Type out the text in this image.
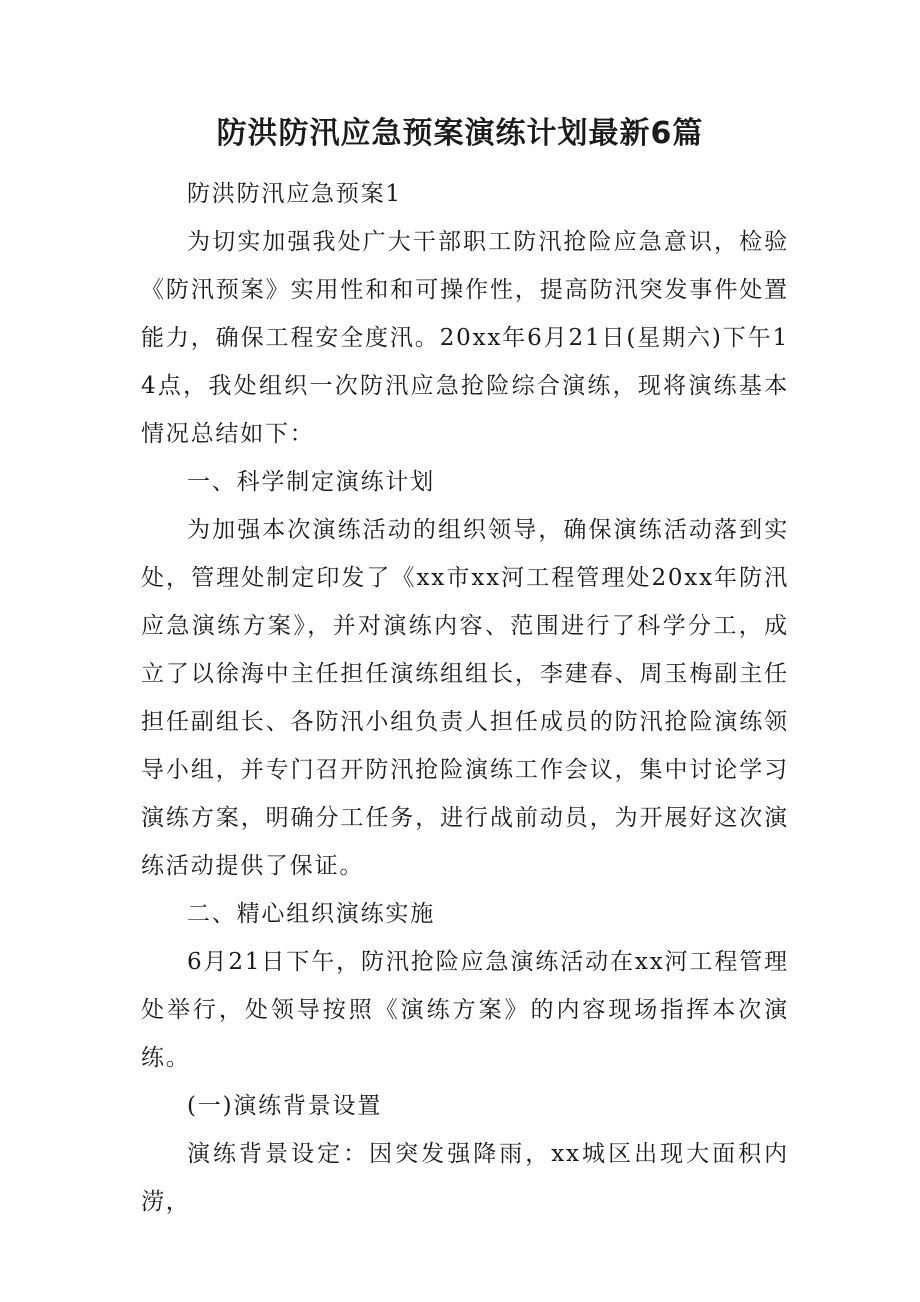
防洪防汛应急预案演练计划最新6篇

防洪防汛应急预案1

为切实加强我处广大干部职工防汛抢险应急意识，检验《防汛预案》实用性和和可操作性，提高防汛突发事件处置能力，确保工程安全度汛。20xx年6月21日(星期六)下午14点，我处组织一次防汛应急抢险综合演练，现将演练基本情况总结如下：

一、科学制定演练计划

为加强本次演练活动的组织领导，确保演练活动落到实处，管理处制定印发了《xx市xx河工程管理处20xx年防汛应急演练方案》，并对演练内容、范围进行了科学分工，成立了以徐海中主任担任演练组组长，李建春、周玉梅副主任担任副组长、各防汛小组负责人担任成员的防汛抢险演练领导小组，并专门召开防汛抢险演练工作会议，集中讨论学习演练方案，明确分工任务，进行战前动员，为开展好这次演练活动提供了保证。

二、精心组织演练实施

6月21日下午，防汛抢险应急演练活动在xx河工程管理处举行，处领导按照《演练方案》的内容现场指挥本次演练。

(一)演练背景设置

演练背景设定：因突发强降雨，xx城区出现大面积内涝，
